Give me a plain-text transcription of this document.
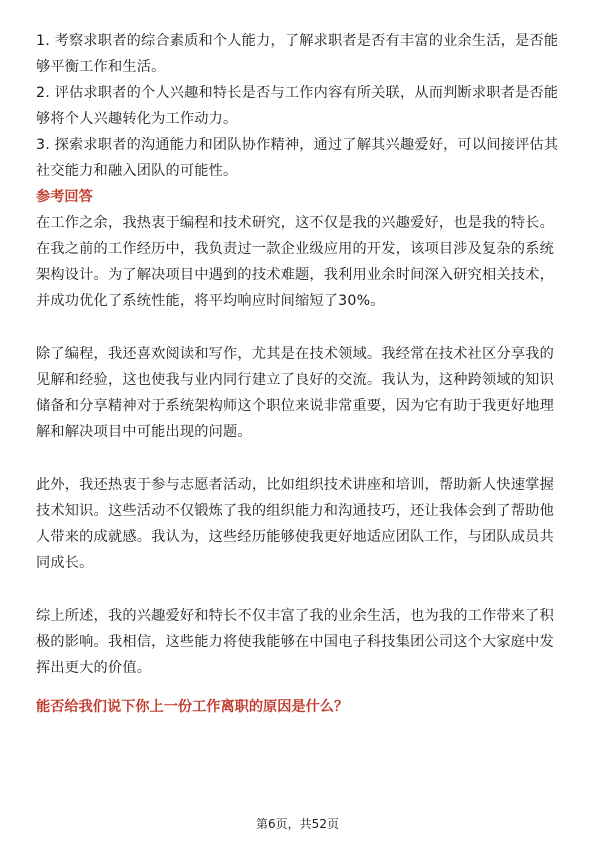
1. 考察求职者的综合素质和个人能力，了解求职者是否有丰富的业余生活，是否能
够平衡工作和生活。
2. 评估求职者的个人兴趣和特长是否与工作内容有所关联，从而判断求职者是否能
够将个人兴趣转化为工作动力。
3. 探索求职者的沟通能力和团队协作精神，通过了解其兴趣爱好，可以间接评估其
社交能力和融入团队的可能性。
参考回答
在工作之余，我热衷于编程和技术研究，这不仅是我的兴趣爱好，也是我的特长。
在我之前的工作经历中，我负责过一款企业级应用的开发，该项目涉及复杂的系统
架构设计。为了解决项目中遇到的技术难题，我利用业余时间深入研究相关技术，
并成功优化了系统性能，将平均响应时间缩短了30%。
除了编程，我还喜欢阅读和写作，尤其是在技术领域。我经常在技术社区分享我的
见解和经验，这也使我与业内同行建立了良好的交流。我认为，这种跨领域的知识
储备和分享精神对于系统架构师这个职位来说非常重要，因为它有助于我更好地理
解和解决项目中可能出现的问题。
此外，我还热衷于参与志愿者活动，比如组织技术讲座和培训，帮助新人快速掌握
技术知识。这些活动不仅锻炼了我的组织能力和沟通技巧，还让我体会到了帮助他
人带来的成就感。我认为，这些经历能够使我更好地适应团队工作，与团队成员共
同成长。
综上所述，我的兴趣爱好和特长不仅丰富了我的业余生活，也为我的工作带来了积
极的影响。我相信，这些能力将使我能够在中国电子科技集团公司这个大家庭中发
挥出更大的价值。
能否给我们说下你上一份工作离职的原因是什么？
第6页，共52页
